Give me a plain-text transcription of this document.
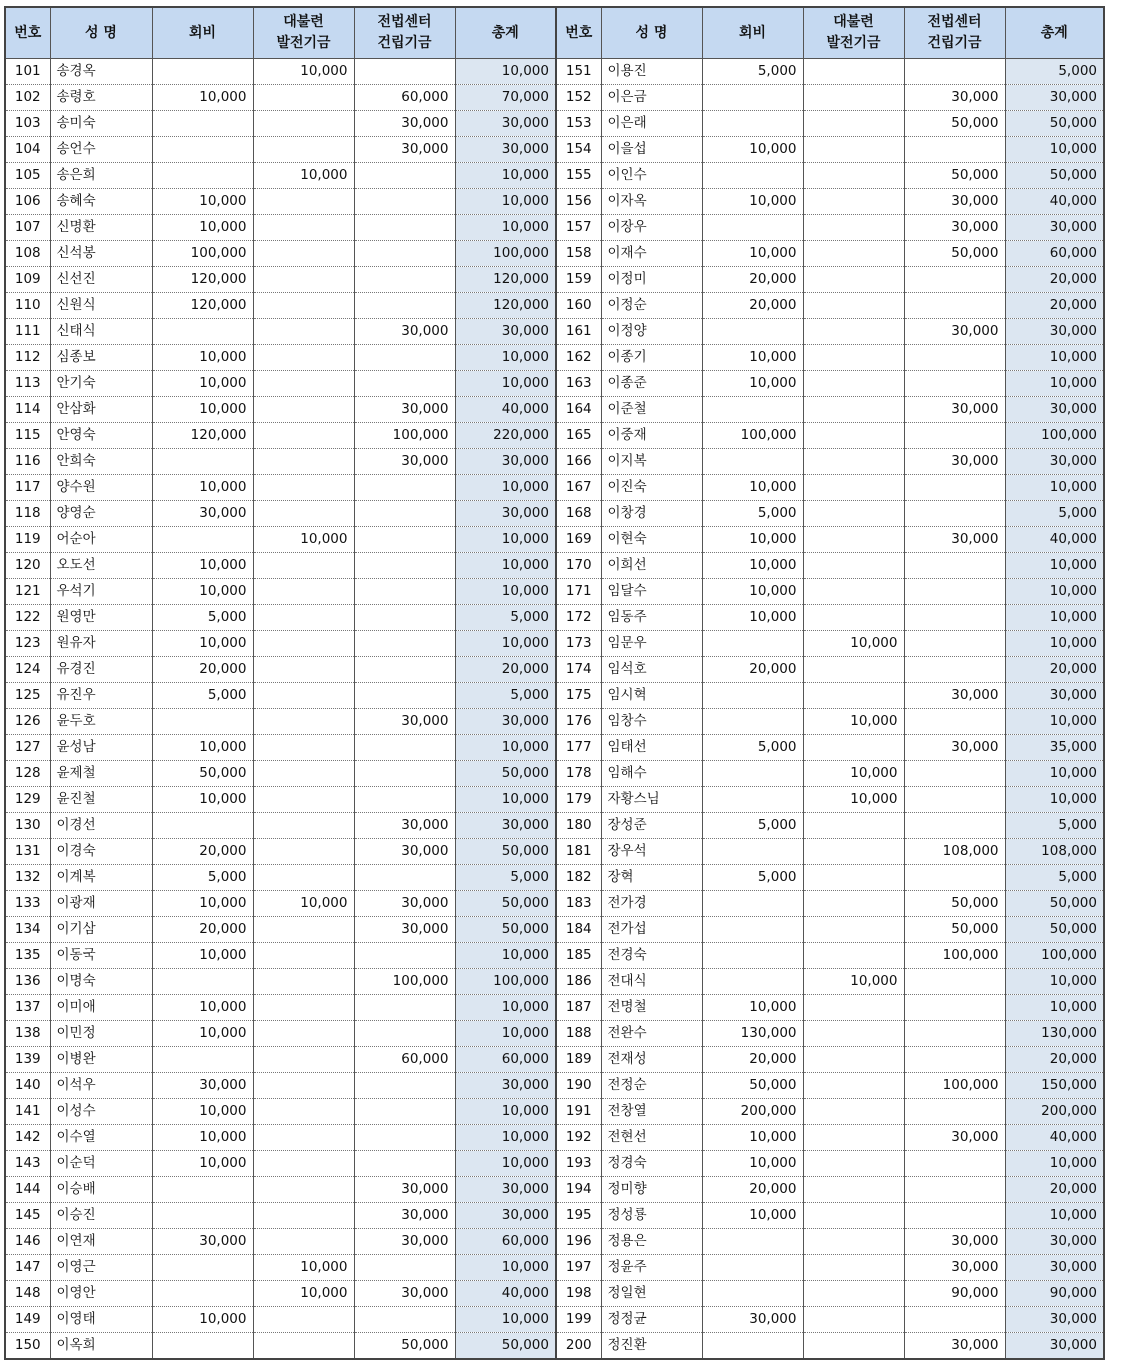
번호	성 명	회비	대불련
발전기금	전법센터
건립기금	총계	번호	성 명	회비	대불련
발전기금	전법센터
건립기금	총계
101	송경옥		10,000		10,000	151	이용진	5,000			5,000
102	송령호	10,000		60,000	70,000	152	이은금			30,000	30,000
103	송미숙			30,000	30,000	153	이은래			50,000	50,000
104	송언수			30,000	30,000	154	이을섭	10,000			10,000
105	송은희		10,000		10,000	155	이인수			50,000	50,000
106	송혜숙	10,000			10,000	156	이자옥	10,000		30,000	40,000
107	신명환	10,000			10,000	157	이장우			30,000	30,000
108	신석봉	100,000			100,000	158	이재수	10,000		50,000	60,000
109	신선진	120,000			120,000	159	이정미	20,000			20,000
110	신원식	120,000			120,000	160	이정순	20,000			20,000
111	신태식			30,000	30,000	161	이정양			30,000	30,000
112	심종보	10,000			10,000	162	이종기	10,000			10,000
113	안기숙	10,000			10,000	163	이종준	10,000			10,000
114	안삼화	10,000		30,000	40,000	164	이준철			30,000	30,000
115	안영숙	120,000		100,000	220,000	165	이중재	100,000			100,000
116	안희숙			30,000	30,000	166	이지복			30,000	30,000
117	양수원	10,000			10,000	167	이진숙	10,000			10,000
118	양영순	30,000			30,000	168	이창경	5,000			5,000
119	어순아		10,000		10,000	169	이현숙	10,000		30,000	40,000
120	오도선	10,000			10,000	170	이희선	10,000			10,000
121	우석기	10,000			10,000	171	임달수	10,000			10,000
122	원영만	5,000			5,000	172	임동주	10,000			10,000
123	원유자	10,000			10,000	173	임문우		10,000		10,000
124	유경진	20,000			20,000	174	임석호	20,000			20,000
125	유진우	5,000			5,000	175	임시혁			30,000	30,000
126	윤두호			30,000	30,000	176	임창수		10,000		10,000
127	윤성남	10,000			10,000	177	임태선	5,000		30,000	35,000
128	윤제철	50,000			50,000	178	임해수		10,000		10,000
129	윤진철	10,000			10,000	179	자황스님		10,000		10,000
130	이경선			30,000	30,000	180	장성준	5,000			5,000
131	이경숙	20,000		30,000	50,000	181	장우석			108,000	108,000
132	이계복	5,000			5,000	182	장혁	5,000			5,000
133	이광재	10,000	10,000	30,000	50,000	183	전가경			50,000	50,000
134	이기삼	20,000		30,000	50,000	184	전가섭			50,000	50,000
135	이동국	10,000			10,000	185	전경숙			100,000	100,000
136	이명숙			100,000	100,000	186	전대식		10,000		10,000
137	이미애	10,000			10,000	187	전명철	10,000			10,000
138	이민정	10,000			10,000	188	전완수	130,000			130,000
139	이병완			60,000	60,000	189	전재성	20,000			20,000
140	이석우	30,000			30,000	190	전정순	50,000		100,000	150,000
141	이성수	10,000			10,000	191	전창열	200,000			200,000
142	이수열	10,000			10,000	192	전현선	10,000		30,000	40,000
143	이순덕	10,000			10,000	193	정경숙	10,000			10,000
144	이승배			30,000	30,000	194	정미향	20,000			20,000
145	이승진			30,000	30,000	195	정성룡	10,000			10,000
146	이연재	30,000		30,000	60,000	196	정용은			30,000	30,000
147	이영근		10,000		10,000	197	정윤주			30,000	30,000
148	이영안		10,000	30,000	40,000	198	정일현			90,000	90,000
149	이영태	10,000			10,000	199	정정균	30,000			30,000
150	이옥희			50,000	50,000	200	정진환			30,000	30,000
